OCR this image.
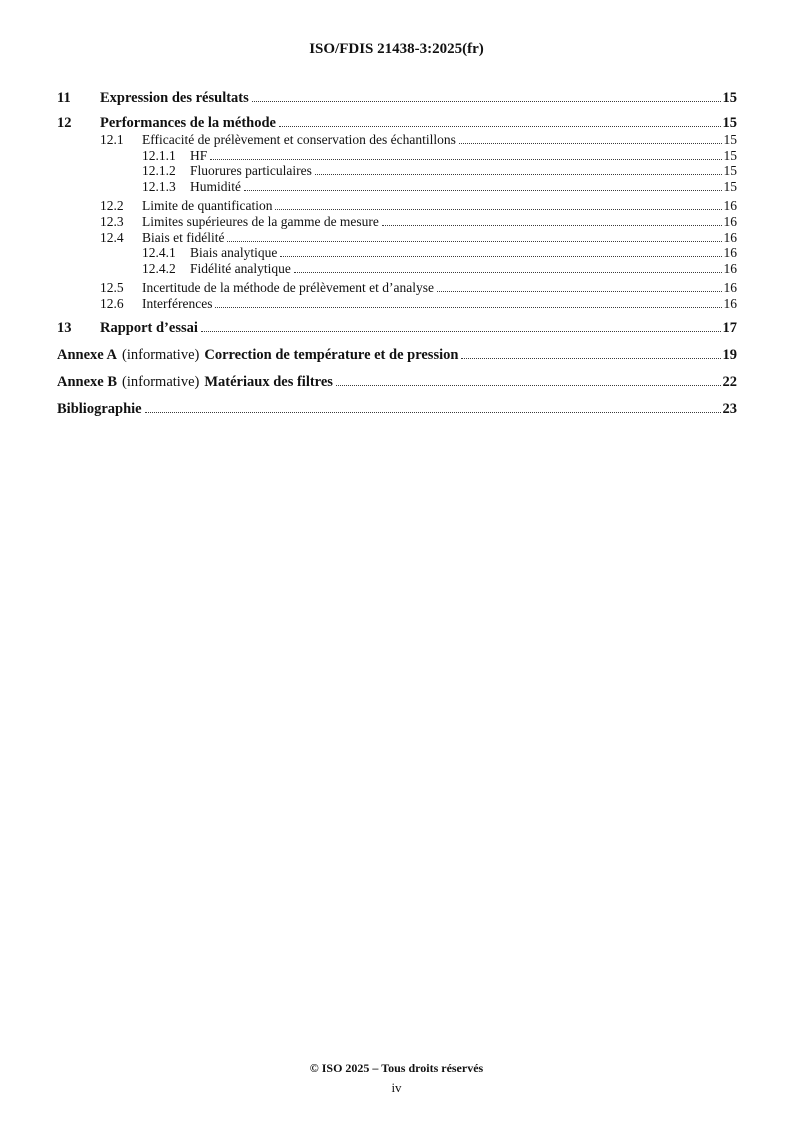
ISO/FDIS 21438-3:2025(fr)
11	Expression des résultats	15
12	Performances de la méthode	15
12.1	Efficacité de prélèvement et conservation des échantillons	15
12.1.1	HF	15
12.1.2	Fluorures particulaires	15
12.1.3	Humidité	15
12.2	Limite de quantification	16
12.3	Limites supérieures de la gamme de mesure	16
12.4	Biais et fidélité	16
12.4.1	Biais analytique	16
12.4.2	Fidélité analytique	16
12.5	Incertitude de la méthode de prélèvement et d’analyse	16
12.6	Interférences	16
13	Rapport d’essai	17
Annexe A (informative) Correction de température et de pression	19
Annexe B (informative) Matériaux des filtres	22
Bibliographie	23
© ISO 2025 – Tous droits réservés
iv
